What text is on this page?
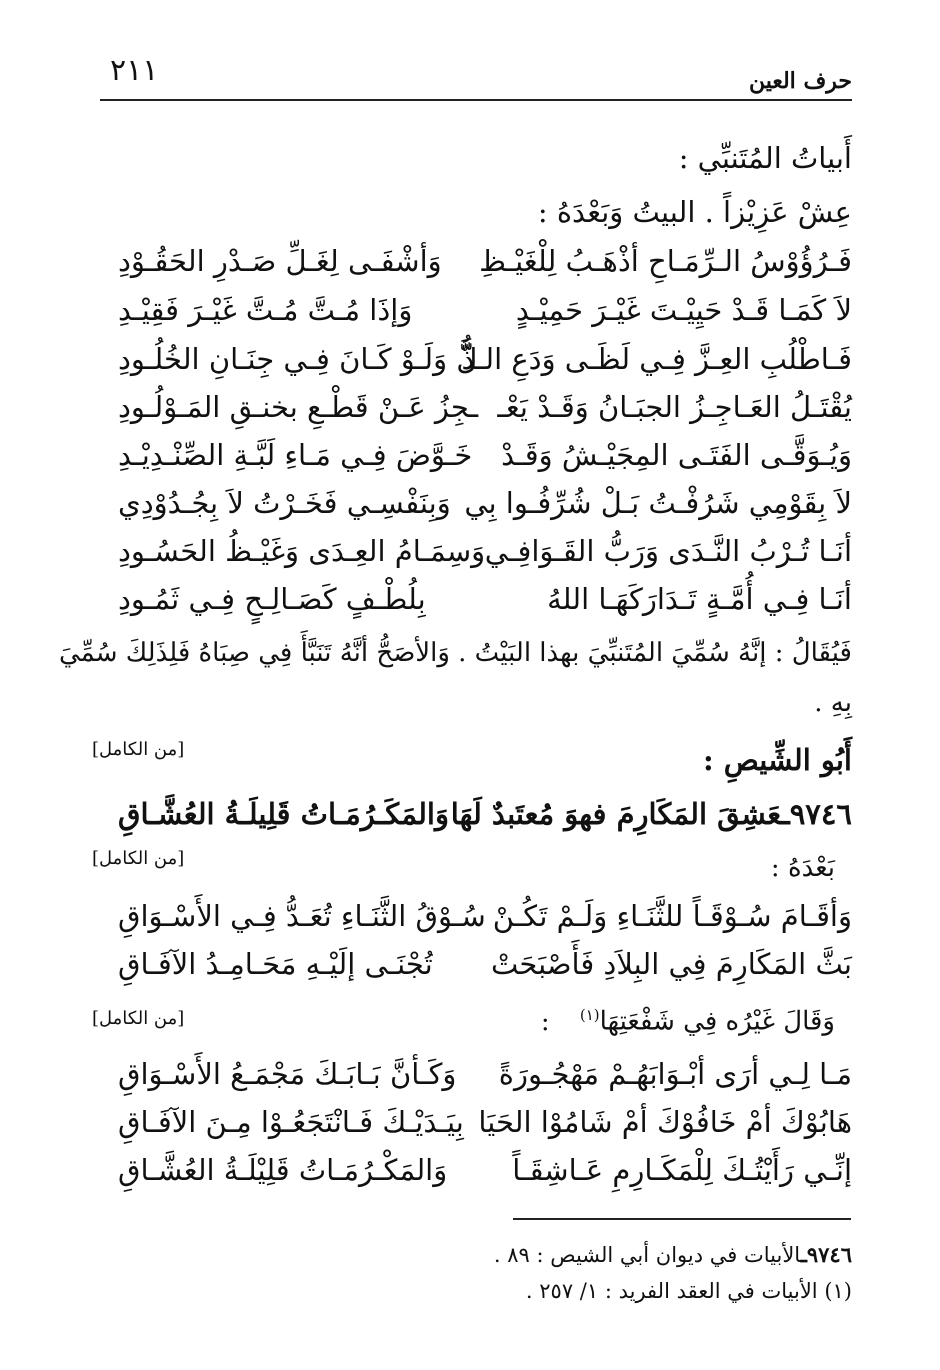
٢١١	حرف العين
أَبياتُ المُتَنبِّي :
عِشْ عَزِيْزاً . البيتُ وَبَعْدَهُ :
فَـرُؤُوْسُ الـرِّمَـاحِ أذْهَـبُ لِلْغَيْـظِ
وَأشْفَـى لِغَـلِّ صَـدْرِ الحَقُـوْدِ
لاَ كَمَـا قَـدْ حَيِيْـتَ غَيْـرَ حَمِيْـدٍ
وَإذَا مُـتَّ مُـتَّ غَيْـرَ فَقِيْـدِ
فَـاطْلُبِ العِـزَّ فِـي لَظَـى وَدَعِ الـذُّ
لَّ وَلَـوْ كَـانَ فِـي جِنَـانِ الخُلُـودِ
يُقْتَـلُ العَـاجِـزُ الجبَـانُ وَقَـدْ يَعْـ
ـجِزُ عَـنْ قَطْـعِ بخنـقِ المَـوْلُـودِ
وَيُـوَقَّـى الفَتَـى المِجَيْـشُ وَقَـدْ
خَـوَّضَ فِـي مَـاءِ لَبَّـةِ الصِّنْـدِيْـدِ
لاَ بِقَوْمِي شَرُفْـتُ بَـلْ شُرِّفُـوا بِي
وَبِنَفْسِـي فَخَـرْتُ لاَ بِجُـدُوْدِي
أنَـا تُـرْبُ النَّـدَى وَرَبُّ القَـوَافِـي
وَسِمَـامُ العِـدَى وَغَيْـظُ الحَسُـودِ
أنَـا فِـي أُمَّـةٍ تَـدَارَكَهَـا اللهُ
بِلُطْـفٍ كَصَـالِـحٍ فِـي ثَمُـودِ
فَيُقَالُ : إنَّهُ سُمِّيَ المُتَنبِّيَ بهذا البَيْتُ . وَالأصَحُّ أنَّهُ تَنَبَّأَ فِي صِبَاهُ فَلِذَلِكَ سُمِّيَ
بِهِ .
أَبُو الشِّيصِ :
[من الكامل]
٩٧٤٦ـعَشِقَ المَكَارِمَ فهوَ مُعتَبدٌ لَهَا
وَالمَكَـرُمَـاتُ قَلِيلَـةُ العُشَّـاقِ
بَعْدَهُ :
[من الكامل]
وَأقَـامَ سُـوْقَـاً للثَّنَـاءِ وَلَـمْ تَكُـنْ
سُـوْقُ الثَّنَـاءِ تُعَـدُّ فِـي الأَسْـوَاقِ
بَثَّ المَكَارِمَ فِي البِلاَدِ فَأَصْبَحَتْ
تُجْنَـى إلَيْـهِ مَحَـامِـدُ الآفَـاقِ
وَقَالَ غَيْرُه فِي شَفْعَتِهَا$^{(١)}$ :
[من الكامل]
مَـا لِـي أرَى أبْـوَابَهُـمْ مَهْجُـورَةً
وَكَـأنَّ بَـابَـكَ مَجْمَـعُ الأَسْـوَاقِ
هَابُوْكَ أمْ خَافُوْكَ أمْ شَامُوْا الحَيَا
بِيَـدَيْـكَ فَـانْتَجَعُـوْا مِـنَ الآفَـاقِ
إنِّـي رَأَيْتُـكَ لِلْمَكَـارِمِ عَـاشِقَـاً
وَالمَكْـرُمَـاتُ قَلِيْلَـةُ العُشَّـاقِ
٩٧٤٦ـالأبيات في ديوان أبي الشيص : ٨٩ .
(١) الأبيات في العقد الفريد : ١/ ٢٥٧ .
